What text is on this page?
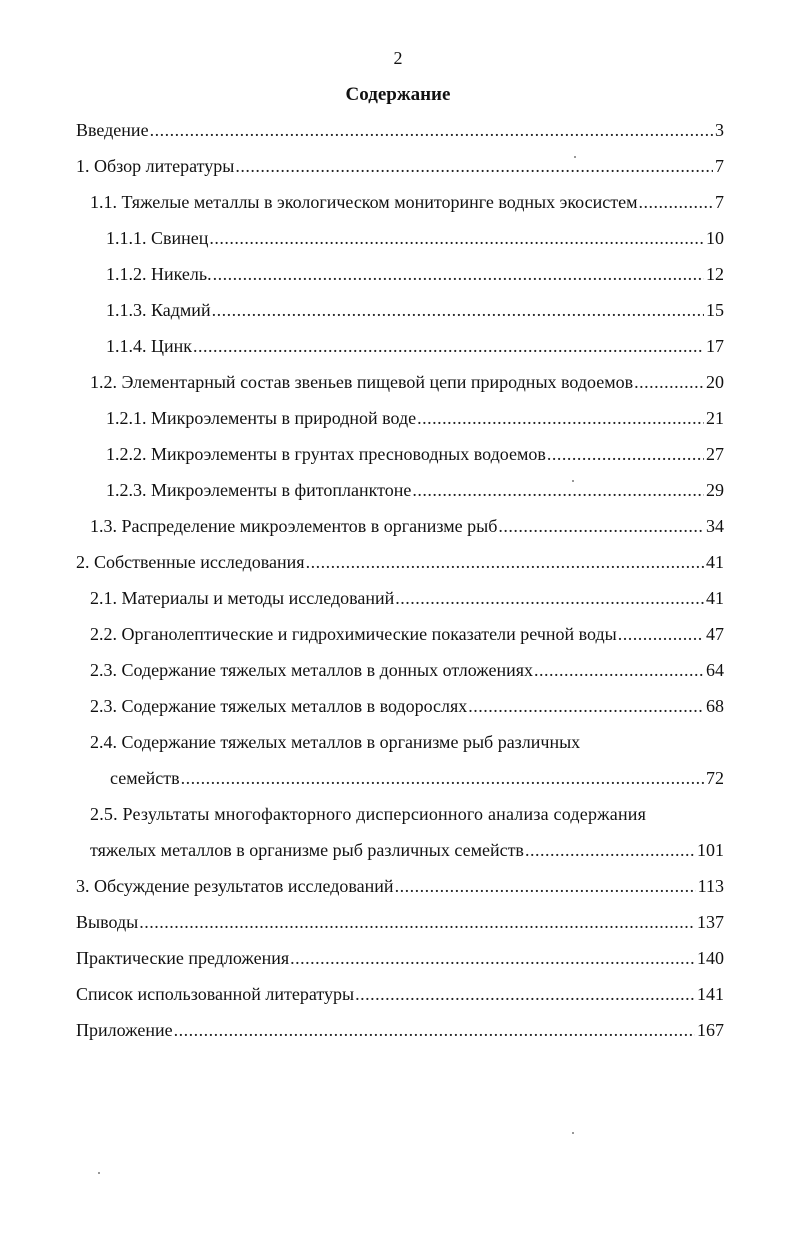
2
Содержание
Введение .....	3
1. Обзор литературы .....	7
1.1. Тяжелые металлы в экологическом мониторинге водных экосистем .....	7
1.1.1. Свинец .....	10
1.1.2. Никель. .....	12
1.1.3. Кадмий .....	15
1.1.4. Цинк .....	17
1.2. Элементарный состав звеньев пищевой цепи природных водоемов .....	20
1.2.1. Микроэлементы в природной воде .....	21
1.2.2. Микроэлементы в грунтах пресноводных водоемов .....	27
1.2.3. Микроэлементы в фитопланктоне .....	29
1.3. Распределение микроэлементов в организме рыб .....	34
2. Собственные исследования .....	41
2.1. Материалы и методы исследований .....	41
2.2. Органолептические и гидрохимические показатели речной воды .....	47
2.3. Содержание тяжелых металлов в донных отложениях .....	64
2.3. Содержание тяжелых металлов в водорослях .....	68
2.4. Содержание тяжелых металлов в организме рыб различных
семейств .....	72
2.5. Результаты многофакторного дисперсионного анализа содержания
тяжелых металлов в организме рыб различных семейств .....	101
3. Обсуждение результатов исследований .....	113
Выводы .....	137
Практические предложения .....	140
Список использованной литературы .....	141
Приложение .....	167
